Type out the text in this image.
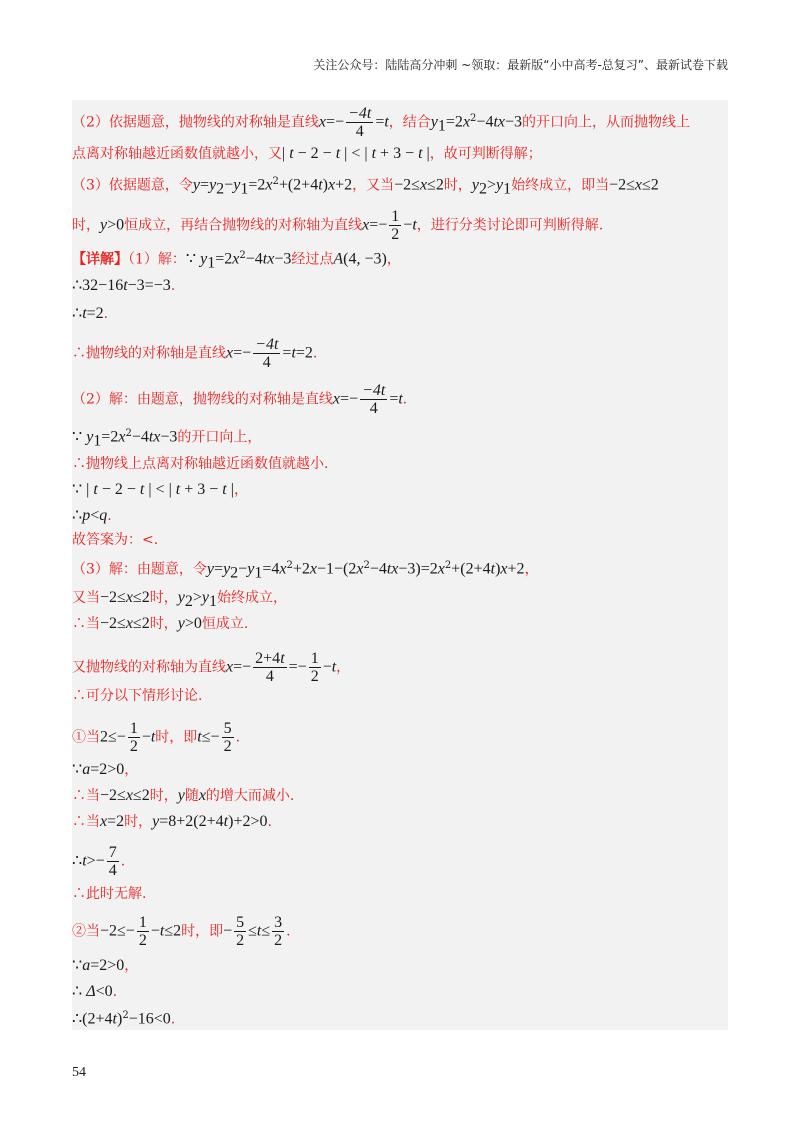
关注公众号：陆陆高分冲刺 ~领取：最新版“小中高考-总复习”、最新试卷下载
（2）依据题意，抛物线的对称轴是直线$x=- \frac{-4t}{4} =t$，结合$y_1=2x^2-4tx-3$的开口向上，从而抛物线上
点离对称轴越近函数值就越小，又| t − 2 − t | < | t + 3 − t |，故可判断得解；
（3）依据题意，令$y=y_2-y_1=2x^2+(2+4t)x+2$，又当−2≤x≤2时，$y_2>y_1$始终成立，即当−2≤x≤2
时，y>0恒成立，再结合抛物线的对称轴为直线$x=- \frac{1}{2} -t$，进行分类讨论即可判断得解.
【详解】（1）解：∵ $y_1=2x^2-4tx-3$经过点A(4, −3)，
∴32−16t−3=−3.
∴t=2.
∴抛物线的对称轴是直线$x=- \frac{-4t}{4} =t=2$.
（2）解：由题意，抛物线的对称轴是直线$x=- \frac{-4t}{4} =t$.
∵ $y_1=2x^2-4tx-3$的开口向上，
∴抛物线上点离对称轴越近函数值就越小.
∵ | t − 2 − t | < | t + 3 − t |，
∴p<q.
故答案为：<.
（3）解：由题意，令$y=y_2-y_1=4x^2+2x-1-(2x^2-4tx-3)=2x^2+(2+4t)x+2$，
又当−2≤x≤2时，$y_2>y_1$始终成立，
∴当−2≤x≤2时，y>0恒成立.
又抛物线的对称轴为直线$x=- \frac{2+4t}{4} =- \frac{1}{2} -t$，
∴可分以下情形讨论.
①当$2\le- \frac{1}{2} -t$时，即$t\le- \frac{5}{2}$ .
∵a=2>0，
∴当−2≤x≤2时，y随x的增大而减小.
∴当x=2时，y=8+2(2+4t)+2>0.
∴t>− $\frac{7}{4}$ .
∴此时无解.
②当$-2\le- \frac{1}{2} -t\le 2$时，即− $\frac{5}{2} \le t\le \frac{3}{2}$ .
∵a=2>0，
∴ Δ<0.
$\therefore(2+4t)^2-16<0$.
54
